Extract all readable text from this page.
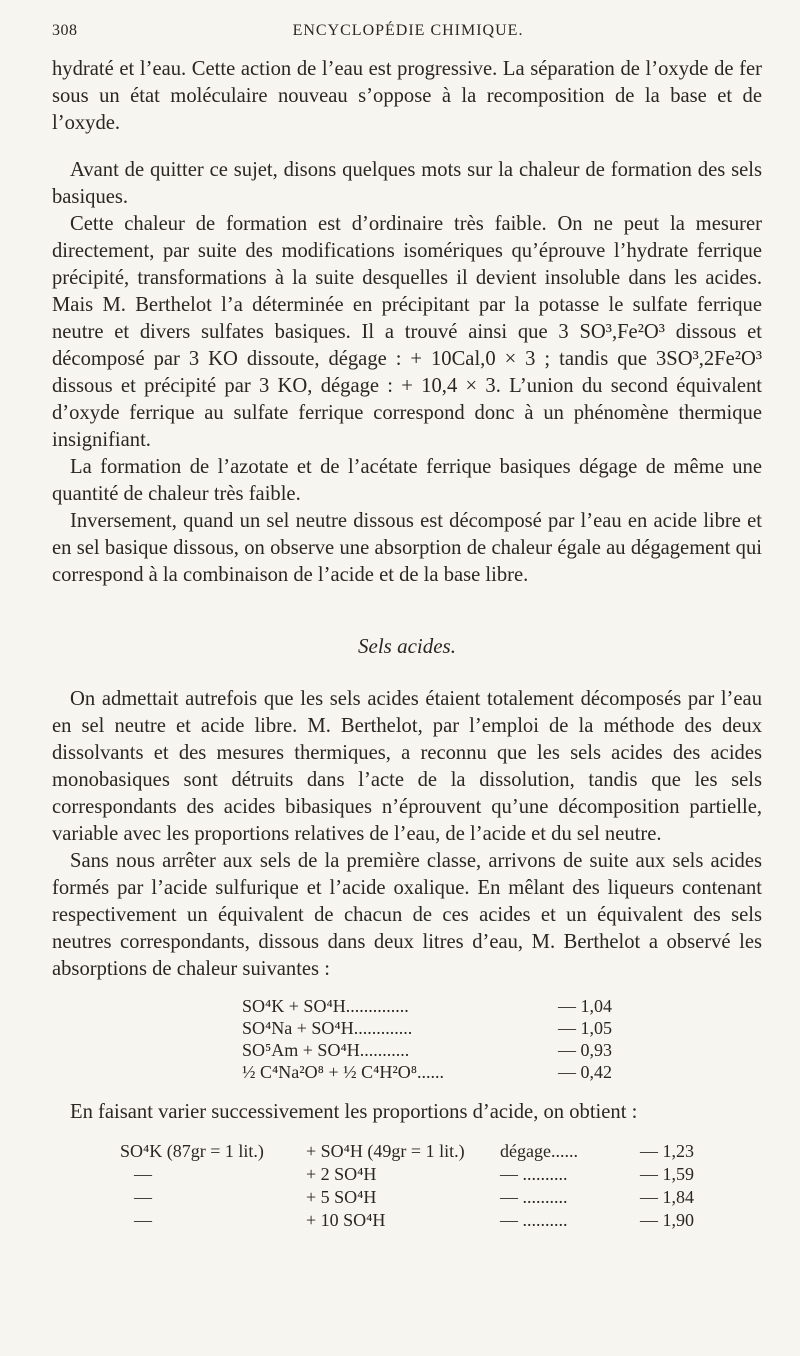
308	ENCYCLOPÉDIE CHIMIQUE.

hydraté et l’eau. Cette action de l’eau est progressive. La séparation de l’oxyde de fer sous un état moléculaire nouveau s’oppose à la recomposition de la base et de l’oxyde.

Avant de quitter ce sujet, disons quelques mots sur la chaleur de formation des sels basiques.

Cette chaleur de formation est d’ordinaire très faible. On ne peut la mesurer directement, par suite des modifications isomériques qu’éprouve l’hydrate ferrique précipité, transformations à la suite desquelles il devient insoluble dans les acides. Mais M. Berthelot l’a déterminée en précipitant par la potasse le sulfate ferrique neutre et divers sulfates basiques. Il a trouvé ainsi que 3 SO³,Fe²O³ dissous et décomposé par 3 KO dissoute, dégage : + 10Cal,0 × 3 ; tandis que 3SO³,2Fe²O³ dissous et précipité par 3 KO, dégage : + 10,4 × 3. L’union du second équivalent d’oxyde ferrique au sulfate ferrique correspond donc à un phénomène thermique insignifiant.

La formation de l’azotate et de l’acétate ferrique basiques dégage de même une quantité de chaleur très faible.

Inversement, quand un sel neutre dissous est décomposé par l’eau en acide libre et en sel basique dissous, on observe une absorption de chaleur égale au dégagement qui correspond à la combinaison de l’acide et de la base libre.

Sels acides.

On admettait autrefois que les sels acides étaient totalement décomposés par l’eau en sel neutre et acide libre. M. Berthelot, par l’emploi de la méthode des deux dissolvants et des mesures thermiques, a reconnu que les sels acides des acides monobasiques sont détruits dans l’acte de la dissolution, tandis que les sels correspondants des acides bibasiques n’éprouvent qu’une décomposition partielle, variable avec les proportions relatives de l’eau, de l’acide et du sel neutre.

Sans nous arrêter aux sels de la première classe, arrivons de suite aux sels acides formés par l’acide sulfurique et l’acide oxalique. En mêlant des liqueurs contenant respectivement un équivalent de chacun de ces acides et un équivalent des sels neutres correspondants, dissous dans deux litres d’eau, M. Berthelot a observé les absorptions de chaleur suivantes :

SO⁴K + SO⁴H..............	— 1,04
SO⁴Na + SO⁴H.............	— 1,05
SO⁵Am + SO⁴H...........	— 0,93
½ C⁴Na²O⁸ + ½ C⁴H²O⁸......	— 0,42

En faisant varier successivement les proportions d’acide, on obtient :

SO⁴K (87gr = 1 lit.)	+ SO⁴H (49gr = 1 lit.)	dégage......	— 1,23
—	+ 2 SO⁴H	— ..........	— 1,59
—	+ 5 SO⁴H	— ..........	— 1,84
—	+ 10 SO⁴H	— ..........	— 1,90
